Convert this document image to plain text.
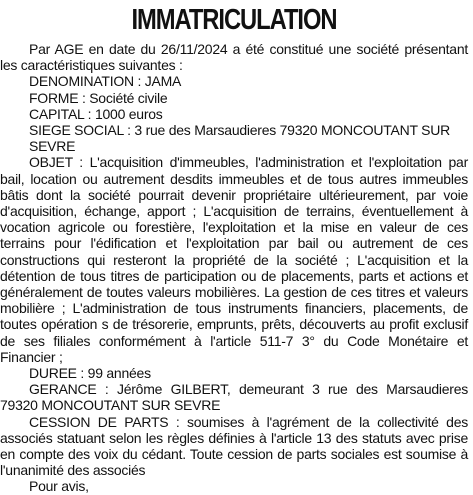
IMMATRICULATION

Par AGE en date du 26/11/2024 a été constitué une société présentant les caractéristiques suivantes :

DENOMINATION : JAMA

FORME : Société civile

CAPITAL : 1000 euros

SIEGE SOCIAL : 3 rue des Marsaudieres 79320 MONCOUTANT SUR SEVRE

OBJET : L'acquisition d'immeubles, l'administration et l'exploitation par bail, location ou autrement desdits immeubles et de tous autres immeubles bâtis dont la société pourrait devenir propriétaire ultérieurement, par voie d'acquisition, échange, apport ; L'acquisition de terrains, éventuellement à vocation agricole ou forestière, l'exploitation et la mise en valeur de ces terrains pour l'édification et l'exploitation par bail ou autrement de ces constructions qui resteront la propriété de la société ; L'acquisition et la détention de tous titres de participation ou de placements, parts et actions et généralement de toutes valeurs mobilières. La gestion de ces titres et valeurs mobilière ; L'administration de tous instruments financiers, placements, de toutes opération s de trésorerie, emprunts, prêts, découverts au profit exclusif de ses filiales conformément à l'article 511-7 3° du Code Monétaire et Financier ;

DUREE : 99 années

GERANCE : Jérôme GILBERT, demeurant 3 rue des Marsaudieres 79320 MONCOUTANT SUR SEVRE

CESSION DE PARTS : soumises à l'agrément de la collectivité des associés statuant selon les règles définies à l'article 13 des statuts avec prise en compte des voix du cédant. Toute cession de parts sociales est soumise à l'unanimité des associés

Pour avis,
